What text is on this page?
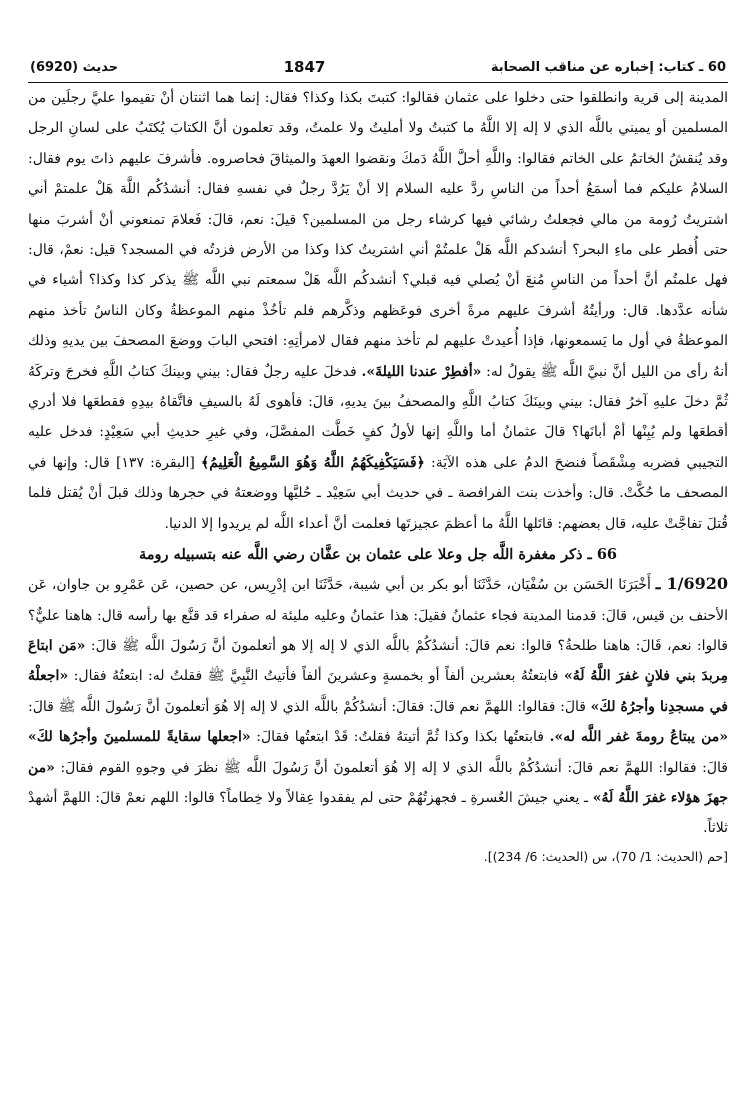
حديث (6920)	1847	60 ـ كتاب: إخباره عن مناقب الصحابة

المدينة إلى قرية وانطلقوا حتى دخلوا على عثمان فقالوا: كتبتَ بكذا وكذا؟ فقال: إنما هما اثنتان أنْ تقيموا عليَّ رجلَين من المسلمين أو يميني باللَّه الذي لا إله إلا اللَّهُ ما كتبتُ ولا أمليتُ ولا علمتُ، وقد تعلمون أنَّ الكتابَ يُكتَبُ على لسانِ الرجل وقد يُنقشُ الخاتمُ على الخاتم فقالوا: واللَّهِ أحلَّ اللَّهُ دَمكَ ونقضوا العهدَ والميثاقَ فحاصروه. فأشرفَ عليهم ذاتَ يوم فقال: السلامُ عليكم فما أسمَعُ أحداً من الناسِ ردَّ عليه السلام إلا أنْ يَرُدَّ رجلٌ في نفسهِ فقال: أنشدُكُم اللَّهَ هَلْ علمتمْ أني اشتريتُ رُومة من مالي فجعلتُ رشائي فيها كرشاء رجل من المسلمين؟ قيلَ: نعم، قالَ: فَعلامَ تمنعوني أنْ أشربَ منها حتى أُفطر على ماءِ البحر؟ أنشدكم اللَّه هَلْ علمتُمْ أني اشتريتُ كذا وكذا من الأرض فزدتُه في المسجد؟ قيل: نعمْ، قال: فهل علمتُم أنَّ أحداً من الناسِ مُنعَ أنْ يُصلي فيه قبلي؟ أنشدكُم اللَّه هَلْ سمعتم نبي اللَّه ﷺ يذكر كذا وكذا؟ أشياء في شأنه عدَّدها. قال: ورأيتُهُ أشرفَ عليهم مرةً أخرى فوعَظهم وذكَّرهم فلم تأخُذْ منهم الموعظةُ وكان الناسُ تأخذ منهم الموعظةُ في أول ما يَسمعونها، فإذا أُعيدتْ عليهم لم تأخذ منهم فقال لامرأتِهِ: افتحي البابَ ووضعَ المصحفَ بين يديهِ وذلك أنهُ رأى من الليل أنَّ نبيَّ اللَّه ﷺ يقولُ له: «أفطِرْ عندنا الليلةَ». فدخلَ عليه رجلٌ فقال: بيني وبينكَ كتابُ اللَّهِ فخرجَ وتركَهُ ثُمَّ دخلَ عليهِ آخرُ فقال: بيني وبينَكَ كتابُ اللَّهِ والمصحفُ بينَ يديهِ، قالَ: فأهوى لَهُ بالسيفِ فاتَّقاهُ بيدِهِ فقطعَها فلا أدري أقطعَها ولم يُبِنْها أمْ أبانَها؟ قالَ عثمانُ أما واللَّهِ إنها لأولُ كفٍ خَطَّت المفصَّلَ، وفي غيرِ حديثِ أبي سَعِيْدٍ: فدخل عليه التجيبي فضربه مِشْقَصاً فنضحَ الدمُ على هذه الآيَة: ﴿فَسَيَكْفِيكَهُمُ اللَّهُ وَهُوَ السَّمِيعُ الْعَلِيمُ﴾ [البقرة: ١٣٧] قال: وإنها في المصحف ما حُكَّتْ. قال: وأخذت بنت الفرافصة ـ في حديث أبي سَعِيْد ـ حُليَّها ووضعتهُ في حجرها وذلك قبلَ أنْ يُقتل فلما قُتلَ تفاجَّتْ عليه، قال بعضهم: قاتَلها اللَّهُ ما أعظمَ عجيزتَها فعلمت أنَّ أعداء اللَّه لم يريدوا إلا الدنيا.

66 ـ ذكر مغفرة اللَّه جل وعلا على عثمان بن عفَّان رضي اللَّه عنه بتسبيله رومة

1/6920 ـ أَخْبَرَنَا الحَسَن بن سُفْيَان، حَدَّثَنَا أبو بكر بن أبي شيبة، حَدَّثَنَا ابن إدْرِيس، عن حصين، عَن عَمْرِو بن جاوان، عَن الأحنف بن قيس، قالَ: قدمنا المدينة فجاء عثمانُ فقيلَ: هذا عثمانُ وعليه مليئة له صفراء قد قنَّع بها رأسه قال: هاهنا عليٌّ؟ قالوا: نعم، قَالَ: هاهنا طلحةُ؟ قالوا: نعم قالَ: أنشدُكُمْ باللَّه الذي لا إله إلا هو أتعلمونَ أنَّ رَسُولَ اللَّه ﷺ قالَ: «مَن ابتاعَ مِربدَ بني فلانٍ غفرَ اللَّهُ لَهُ» فابتعتُهُ بعشرين ألفاً أو بخمسةٍ وعشرينَ ألفاً فأتيتُ النَّبِيَّ ﷺ فقلتُ له: ابتعتُهُ فقال: «اجعلْهُ في مسجدِنا وأجرُهُ لكَ» قالَ: فقالوا: اللهمَّ نعم قالَ: فقالَ: أنشدُكُمْ باللَّه الذي لا إله إلا هُوَ أتعلمونَ أنَّ رَسُولَ اللَّه ﷺ قالَ: «من يبتاعُ رومةَ غفر اللَّه له». فابتعتُها بكذا وكذا ثُمَّ أتيتهُ فقلتُ: قَدْ ابتعتُها فقالَ: «اجعلها سقايةً للمسلمينَ وأجرُها لكَ» قالَ: فقالوا: اللهمَّ نعم قالَ: أنشدُكُمْ باللَّه الذي لا إله إلا هُوَ أتعلمونَ أنَّ رَسُولَ اللَّه ﷺ نظرَ في وجوهِ القوم فقالَ: «من جهزَ هؤلاء غفرَ اللَّهُ لَهُ» ـ يعني جيشَ العُسرةِ ـ فجهزتُهُمْ حتى لم يفقدوا عِقالاً ولا خِطاماً؟ قالوا: اللهم نعمْ قالَ: اللهمَّ أشهدْ ثلاثاً.

[حم (الحديث: 1/ 70)، س (الحديث: 6/ 234)].
